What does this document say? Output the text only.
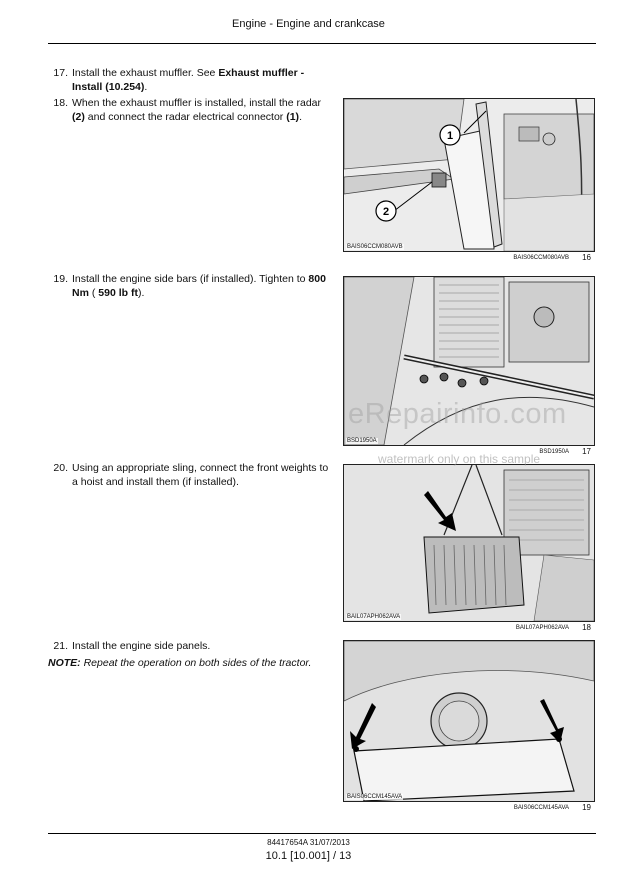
Engine - Engine and crankcase
17. Install the exhaust muffler. See Exhaust muffler - Install (10.254).
18. When the exhaust muffler is installed, install the radar (2) and connect the radar electrical connector (1).
1
2
BAIS06CCM080AVB
BAIS06CCM080AVB 16
19. Install the engine side bars (if installed). Tighten to 800 Nm ( 590 lb ft).
BSD1950A
BSD1950A 17
20. Using an appropriate sling, connect the front weights to a hoist and install them (if installed).
BAIL07APH062AVA
BAIL07APH062AVA 18
21. Install the engine side panels.
NOTE: Repeat the operation on both sides of the tractor.
BAIS06CCM145AVA
BAIS06CCM145AVA 19
eRepairinfo.com
watermark only on this sample
84417654A 31/07/2013
10.1 [10.001] / 13
